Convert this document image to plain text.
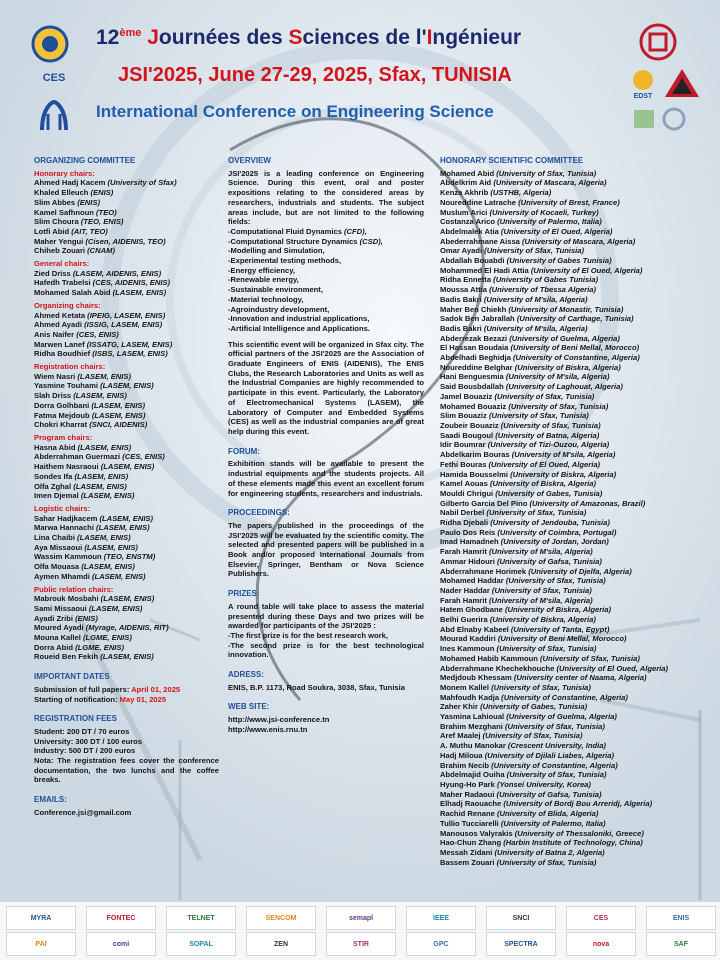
CES
12ème Journées des Sciences de l'Ingénieur
JSI'2025, June 27-29, 2025, Sfax, TUNISIA
International Conference on Engineering Science
EDST
ORGANIZING COMMITTEE
Honorary chairs:
Ahmed Hadj Kacem (University of Sfax)
Khaled Elleuch (ENIS)
Slim Abbes (ENIS)
Kamel Safhnoun (TEO)
Slim Choura (TEO, ENIS)
Lotfi Abid (AIT, TEO)
Maher Yengui (Cisen, AIDENIS, TEO)
Chiheb Zouari (CNAM)
General chairs:
Zied Driss (LASEM, AIDENIS, ENIS)
Hafedh Trabelsi (CES, AIDENIS, ENIS)
Mohamed Salah Abid (LASEM, ENIS)
Organizing chairs:
Ahmed Ketata (IPEIG, LASEM, ENIS)
Ahmed Ayadi (ISSIG, LASEM, ENIS)
Anis Naifer (CES, ENIS)
Marwen Lanef (ISSATG, LASEM, ENIS)
Ridha Boudhief (ISBS, LASEM, ENIS)
Registration chairs:
Wiem Nasri (LASEM, ENIS)
Yasmine Touhami (LASEM, ENIS)
Slah Driss (LASEM, ENIS)
Dorra Golhbani (LASEM, ENIS)
Fatma Mejdoub (LASEM, ENIS)
Chokri Kharrat (SNCI, AIDENIS)
Program chairs:
Hasna Abid (LASEM, ENIS)
Abderrahman Guermazi (CES, ENIS)
Haithem Nasraoui (LASEM, ENIS)
Sondes Ifa (LASEM, ENIS)
Olfa Zghal (LASEM, ENIS)
Imen Djemal (LASEM, ENIS)
Logistic chairs:
Sahar Hadjkacem (LASEM, ENIS)
Marwa Hannachi (LASEM, ENIS)
Lina Chaibi (LASEM, ENIS)
Aya Missaoui (LASEM, ENIS)
Wassim Kammoun (TEO, ENSTM)
Olfa Mouasa (LASEM, ENIS)
Aymen Mhamdi (LASEM, ENIS)
Public relation chairs:
Mabrouk Mosbahi (LASEM, ENIS)
Sami Missaoui (LASEM, ENIS)
Ayadi Zribi (ENIS)
Moured Ayadi (Myrage, AIDENIS, RIT)
Mouna Kallel (LGME, ENIS)
Dorra Abid (LGME, ENIS)
Roueid Ben Fekih (LASEM, ENIS)
IMPORTANT DATES
Submission of full papers: April 01, 2025
Starting of notification: May 01, 2025
REGISTRATION FEES
Student: 200 DT / 70 euros
University: 300 DT / 100 euros
Industry: 500 DT / 200 euros
Nota: The registration fees cover the conference documentation, the two lunchs and the coffee breaks.
EMAILS:
Conference.jsi@gmail.com
OVERVIEW
JSI'2025 is a leading conference on Engineering Science. During this event, oral and poster expositions relating to the considered areas by researchers, industrials and students. The subject areas include, but are not limited to the following fields:
-Computational Fluid Dynamics (CFD),
-Computational Structure Dynamics (CSD),
-Modelling and Simulation,
-Experimental testing methods,
-Energy efficiency,
-Renewable energy,
-Sustainable environment,
-Material technology,
-Agroindustry development,
-Innovation and industrial applications,
-Artificial Intelligence and Applications.
This scientific event will be organized in Sfax city. The official partners of the JSI'2025 are the Association of Graduate Engineers of ENIS (AIDENIS), The ENIS Clubs, the Research Laboratories and Units as well as the Industrial Companies are highly recommended to participate in this event. Particularly, the Laboratory of Electromechanical Systems (LASEM), the Laboratory of Computer and Embedded Systems (CES) as well as the industrial companies are of great help during this event.
FORUM:
Exhibition stands will be available to present the industrial equipments and the students projects. All of these elements made this event an excellent forum for engineering students, researchers and industrials.
PROCEEDINGS:
The papers published in the proceedings of the JSI'2025 will be evaluated by the scientific comity. The selected and presented papers will be published in a Book and/or proposed International Journals from Elsevier, Springer, Bentham or Nova Science Publishers.
PRIZES:
A round table will take place to assess the material presented during these Days and two prizes will be awarded for participants of the JSI'2025 :
-The first prize is for the best research work,
-The second prize is for the best technological innovation.
ADRESS:
ENIS, B.P. 1173, Road Soukra, 3038, Sfax, Tunisia
WEB SITE:
http://www.jsi-conference.tn
http://www.enis.rnu.tn
HONORARY SCIENTIFIC COMMITTEE
Mohamed Abid (University of Sfax, Tunisia)
Abdelkrim Aid (University of Mascara, Algeria)
Kenza Akhrib (USTHB, Algeria)
Noureddine Latrache (University of Brest, France)
Muslum Arici (University of Kocaeli, Turkey)
Costanza Arico (University of Palermo, Italia)
Abdelmalek Atia (University of El Oued, Algeria)
Abederrahmane Aissa (University of Mascara, Algeria)
Omar Ayadi (University of Sfax, Tunisia)
Abdallah Bouabdi (University of Gabes Tunisia)
Mohammed El Hadi Attia (University of El Oued, Algeria)
Ridha Ennetta (University of Gabes Tunisia)
Moussa Attia (University of Tbessa Algeria)
Badis Bakri (University of M'sila, Algeria)
Maher Ben Chiekh (University of Monastir, Tunisia)
Sadok Ben Jabrallah (University of Carthage, Tunisia)
Badis Bakri (University of M'sila, Algeria)
Abderrezak Bezazi (University of Guelma, Algeria)
El Hassan Boudaia (University of Beni Mellal, Morocco)
Abdelhadi Beghidja (University of Constantine, Algeria)
Noureddine Belghar (University of Biskra, Algeria)
Hani Benguesmia (University of M'sila, Algeria)
Said Bousbdallah (University of Laghouat, Algeria)
Jamel Bouaziz (University of Sfax, Tunisia)
Mohamed Bouaziz (University of Sfax, Tunisia)
Slim Bouaziz (University of Sfax, Tunisia)
Zoubeir Bouaziz (University of Sfax, Tunisia)
Saadi Bougoul (University of Batna, Algeria)
Idir Boumrar (University of Tizi-Ouzou, Algeria)
Abdelkarim Bouras (University of M'sila, Algeria)
Fethi Bouras (University of El Oued, Algeria)
Hamida Bousselmi (University of Biskra, Algeria)
Kamel Aouas (University of Biskra, Algeria)
Mouldi Chrigui (University of Gabes, Tunisia)
Gilberto Garcia Del Pino (University of Amazonas, Brazil)
Nabil Derbel (University of Sfax, Tunisia)
Ridha Djebali (University of Jendouba, Tunisia)
Paulo Dos Reis (University of Coimbra, Portugal)
Imad Hamadneh (University of Jordan, Jordan)
Farah Hamrit (University of M'sila, Algeria)
Ammar Hidouri (University of Gafsa, Tunisia)
Abderrahmane Horimek (University of Djelfa, Algeria)
Mohamed Haddar (University of Sfax, Tunisia)
Nader Haddar (University of Sfax, Tunisia)
Farah Hamrit (University of M'sila, Algeria)
Hatem Ghodbane (University of Biskra, Algeria)
Belhi Guerira (University of Biskra, Algeria)
Abd Elnaby Kabeel (University of Tanta, Egypt)
Mourad Kaddiri (University of Beni Mellal, Morocco)
Ines Kammoun (University of Sfax, Tunisia)
Mohamed Habib Kammoun (University of Sfax, Tunisia)
Abderrahmane Khechekhouche (University of El Oued, Algeria)
Medjdoub Khessam (University center of Naama, Algeria)
Monem Kallel (University of Sfax, Tunisia)
Mahfoudh Kadja (University of Constantine, Algeria)
Zaher Khir (University of Gabes, Tunisia)
Yasmina Lahioual (University of Guelma, Algeria)
Brahim Mezghani (University of Sfax, Tunisia)
Aref Maalej (University of Sfax, Tunisia)
A. Muthu Manokar (Crescent University, India)
Hadj Miloua (University of Djilali Liabes, Algeria)
Brahim Necib (University of Constantine, Algeria)
Abdelmajid Ouiha (University of Sfax, Tunisia)
Hyung-Ho Park (Yonsei University, Korea)
Maher Radaoui (University of Gafsa, Tunisia)
Elhadj Raouache (University of Bordj Bou Arreridj, Algeria)
Rachid Renane (University of Blida, Algeria)
Tullio Tucciarelli (University of Palermo, Italia)
Manousos Valyrakis (University of Thessaloniki, Greece)
Hao-Chun Zhang (Harbin Institute of Technology, China)
Messah Zidani (University of Batna 2, Algeria)
Bassem Zouari (University of Sfax, Tunisia)
MYRA	FONTEC	TELNET	SENCOM	semapl	IEEE	SNCI	CES	ENIS
PAI	comi	SOPAL	ZEN	STIR	GPC	SPECTRA	nova	SAF
